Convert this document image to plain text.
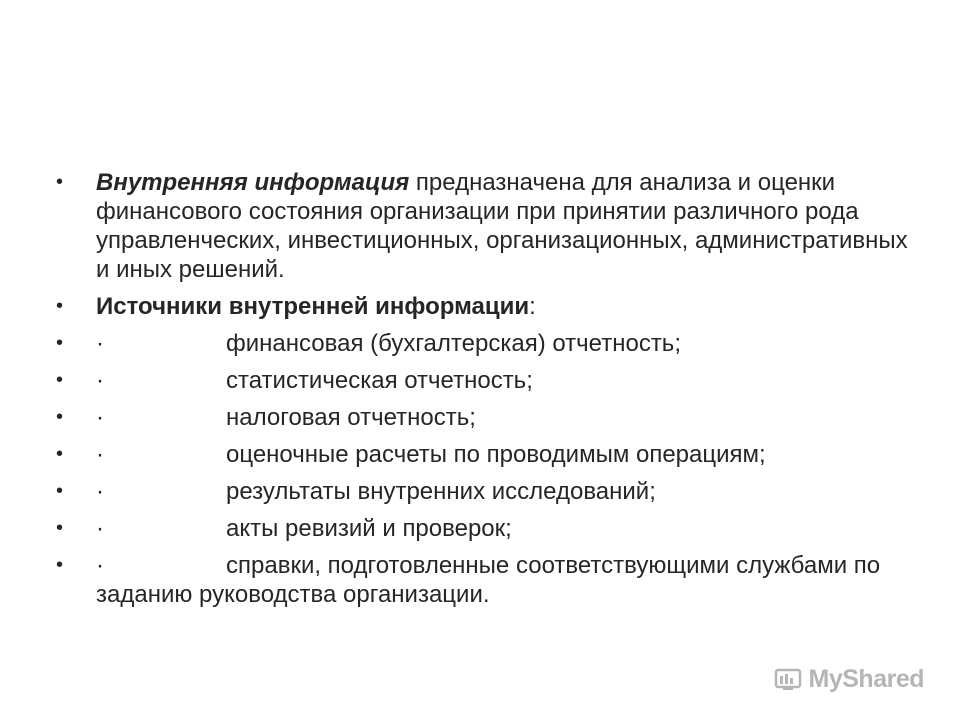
•	Внутренняя информация предназначена для анализа и оценки финансового состояния организации при принятии различного рода управленческих, инвестиционных, организационных, административных и иных решений.
•	Источники внутренней информации:
•	·	финансовая (бухгалтерская) отчетность;
•	·	статистическая отчетность;
•	·	налоговая отчетность;
•	·	оценочные расчеты по проводимым операциям;
•	·	результаты внутренних исследований;
•	·	акты ревизий и проверок;
•	·	справки, подготовленные соответствующими службами по заданию руководства организации.
MyShared
